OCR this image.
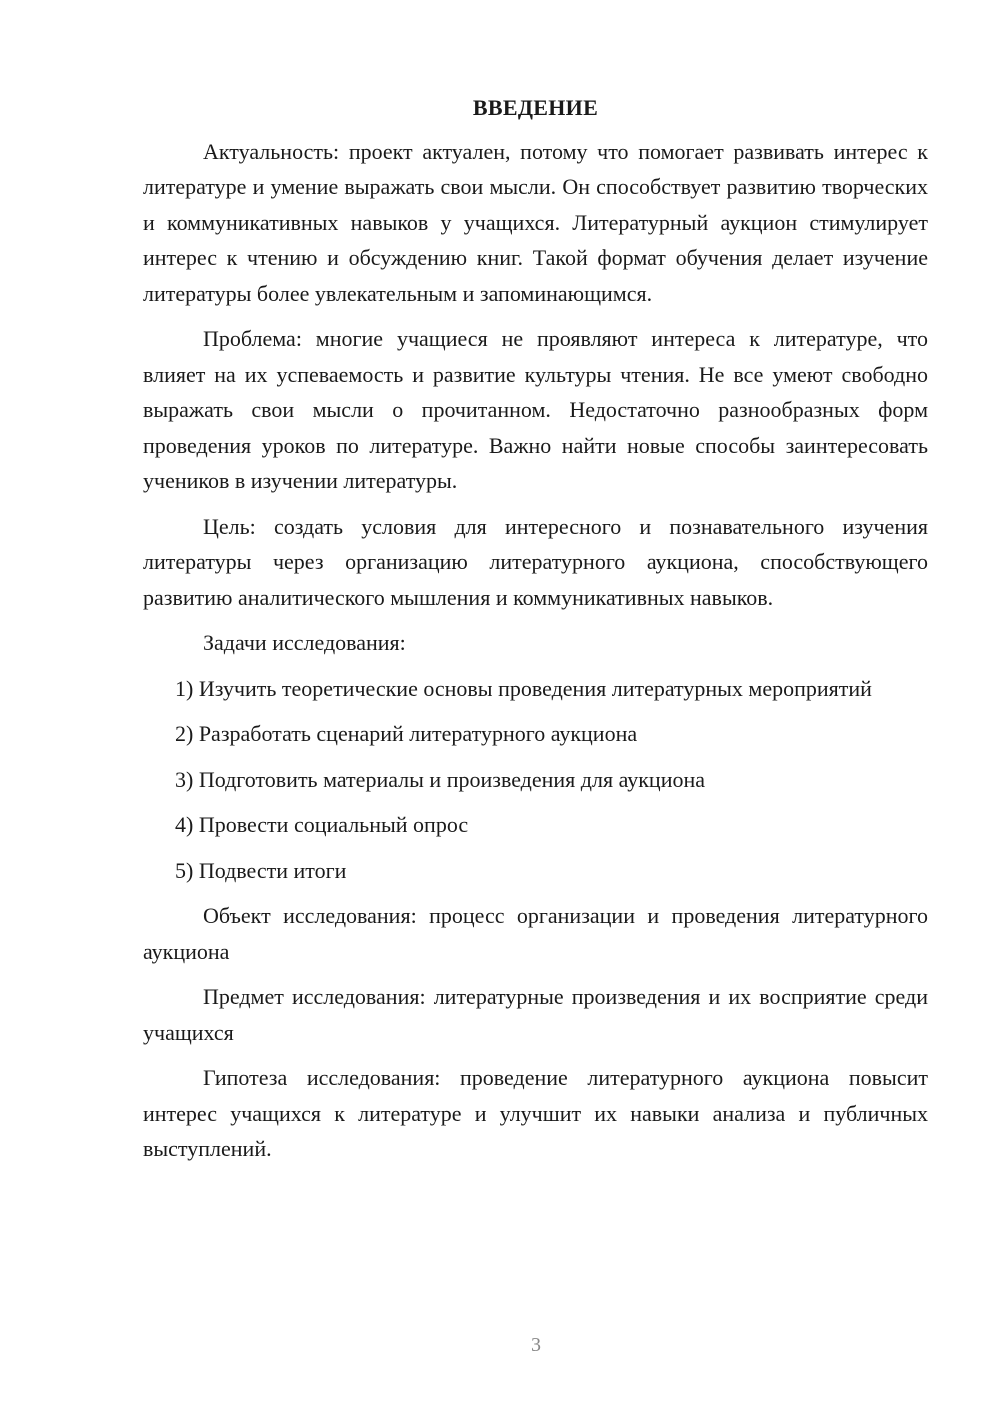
ВВЕДЕНИЕ

Актуальность: проект актуален, потому что помогает развивать интерес к литературе и умение выражать свои мысли. Он способствует развитию творческих и коммуникативных навыков у учащихся. Литературный аукцион стимулирует интерес к чтению и обсуждению книг. Такой формат обучения делает изучение литературы более увлекательным и запоминающимся.

Проблема: многие учащиеся не проявляют интереса к литературе, что влияет на их успеваемость и развитие культуры чтения. Не все умеют свободно выражать свои мысли о прочитанном. Недостаточно разнообразных форм проведения уроков по литературе. Важно найти новые способы заинтересовать учеников в изучении литературы.

Цель: создать условия для интересного и познавательного изучения литературы через организацию литературного аукциона, способствующего развитию аналитического мышления и коммуникативных навыков.

Задачи исследования:

1) Изучить теоретические основы проведения литературных мероприятий

2) Разработать сценарий литературного аукциона

3) Подготовить материалы и произведения для аукциона

4) Провести социальный опрос

5) Подвести итоги

Объект исследования: процесс организации и проведения литературного аукциона

Предмет исследования: литературные произведения и их восприятие среди учащихся

Гипотеза исследования: проведение литературного аукциона повысит интерес учащихся к литературе и улучшит их навыки анализа и публичных выступлений.

3
